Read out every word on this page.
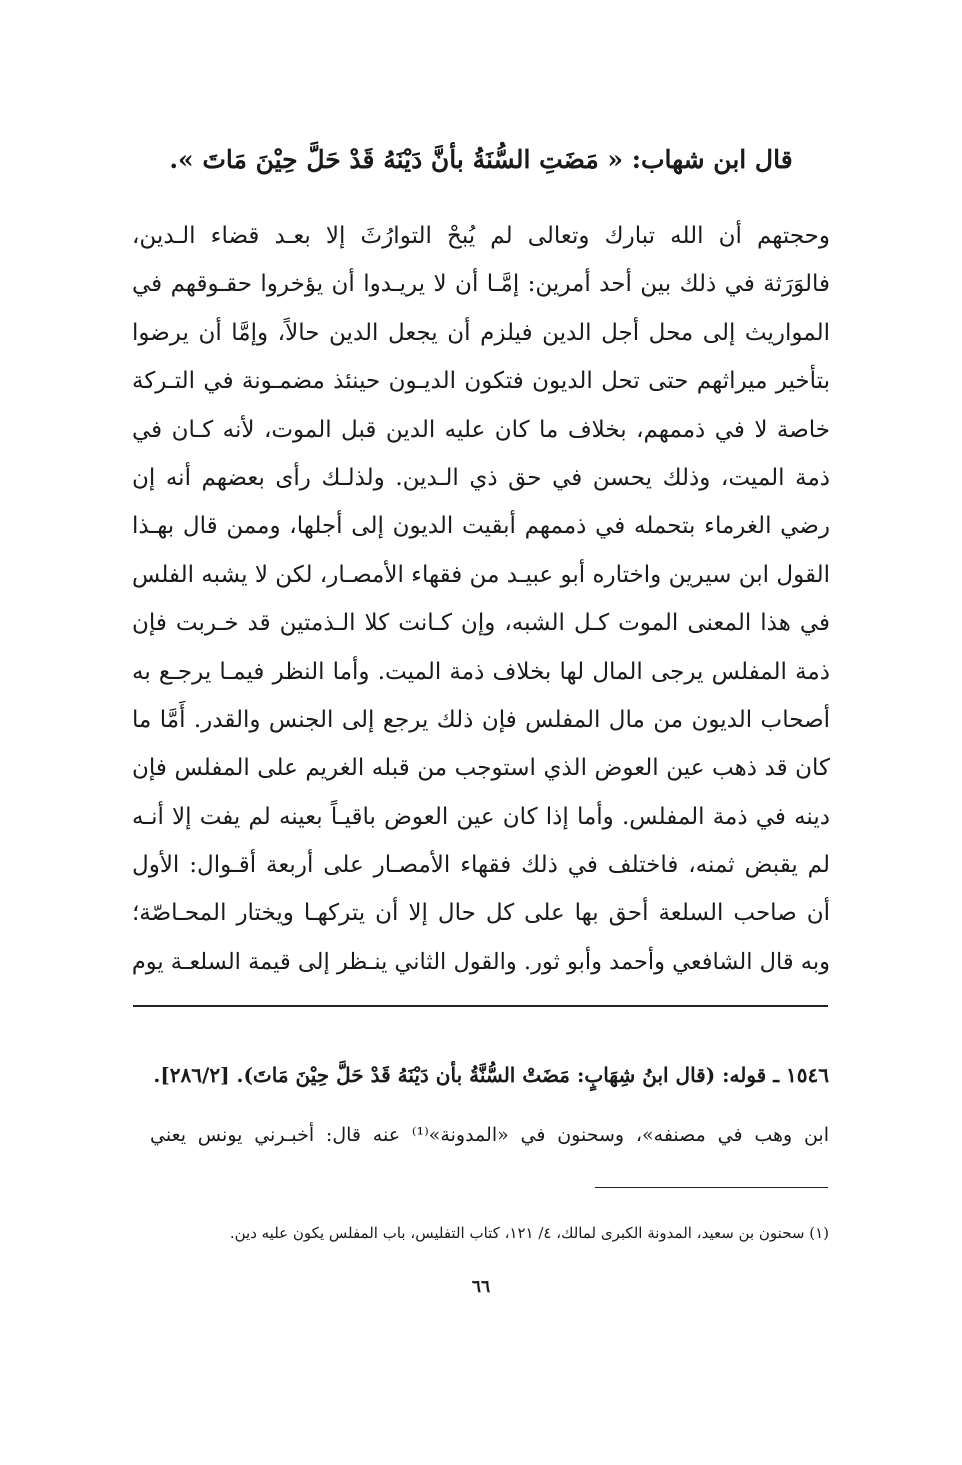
قال ابن شهاب: « مَضَتِ السُّنَةُ بأنَّ دَيْنَهُ قَدْ حَلَّ حِيْنَ مَاتَ ».
وحجتهم أن الله تبارك وتعالى لم يُبحْ التوارُثَ إلا بعـد قضاء الـدين،
فالوَرَثة في ذلك بين أحد أمرين: إمَّـا أن لا يريـدوا أن يؤخروا حقـوقهم في
المواريث إلى محل أجل الدين فيلزم أن يجعل الدين حالاً، وإمَّا أن يرضوا
بتأخير ميراثهم حتى تحل الديون فتكون الديـون حينئذ مضمـونة في التـركة
خاصة لا في ذممهم، بخلاف ما كان عليه الدين قبل الموت، لأنه كـان في
ذمة الميت، وذلك يحسن في حق ذي الـدين. ولذلـك رأى بعضهم أنه إن
رضي الغرماء بتحمله في ذممهم أبقيت الديون إلى أجلها، وممن قال بهـذا
القول ابن سيرين واختاره أبو عبيـد من فقهاء الأمصـار، لكن لا يشبه الفلس
في هذا المعنى الموت كـل الشبه، وإن كـانت كلا الـذمتين قد خـربت فإن
ذمة المفلس يرجى المال لها بخلاف ذمة الميت. وأما النظر فيمـا يرجـع به
أصحاب الديون من مال المفلس فإن ذلك يرجع إلى الجنس والقدر. أَمَّا ما
كان قد ذهب عين العوض الذي استوجب من قبله الغريم على المفلس فإن
دينه في ذمة المفلس. وأما إذا كان عين العوض باقيـاً بعينه لم يفت إلا أنـه
لم يقبض ثمنه، فاختلف في ذلك فقهاء الأمصـار على أربعة أقـوال: الأول
أن صاحب السلعة أحق بها على كل حال إلا أن يتركهـا ويختار المحـاصّة؛
وبه قال الشافعي وأحمد وأبو ثور. والقول الثاني ينـظر إلى قيمة السلعـة يوم
١٥٤٦ ـ قوله: (قال ابنُ شِهَابٍ: مَضَتْ السُّنَّةُ بأن دَيْنَهُ قَدْ حَلَّ حِيْنَ مَاتَ). [٢٨٦/٢].
ابن وهب في مصنفه»، وسحنون في «المدونة»⁽¹⁾ عنه قال: أخبـرني يونس يعني
(١) سحنون بن سعيد، المدونة الكبرى لمالك، ٤/ ١٢١، كتاب التفليس، باب المفلس يكون عليه دين.
٦٦
